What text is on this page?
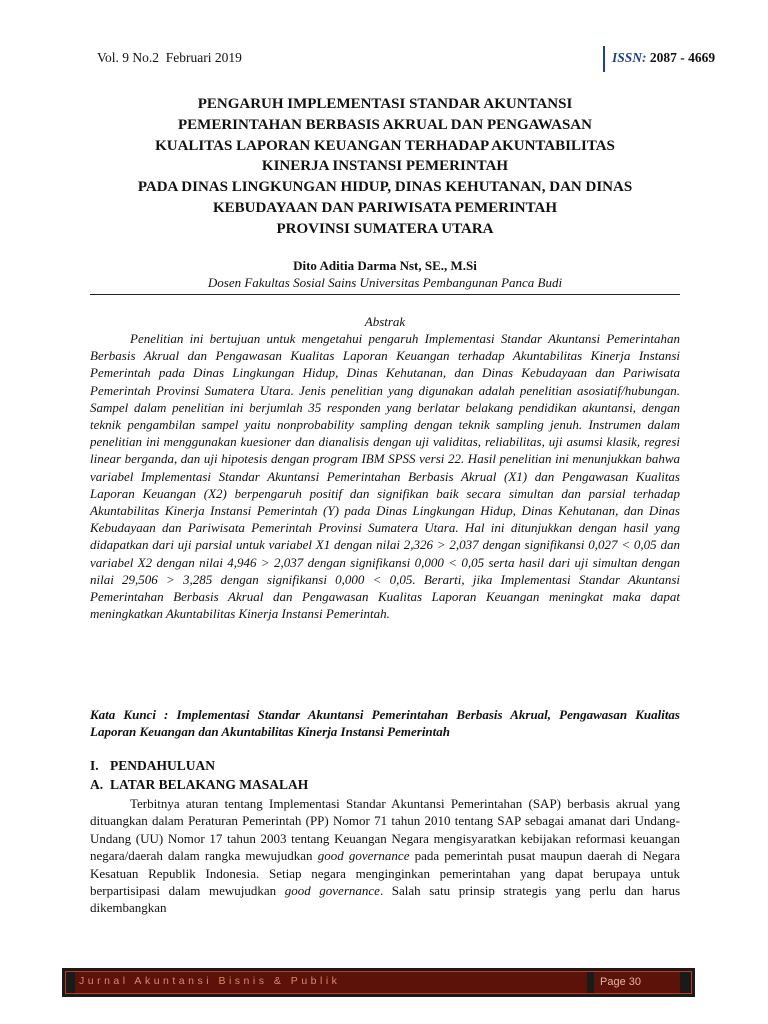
Vol. 9 No.2  Februari 2019	ISSN: 2087 - 4669
PENGARUH IMPLEMENTASI STANDAR AKUNTANSI
PEMERINTAHAN BERBASIS AKRUAL DAN PENGAWASAN
KUALITAS LAPORAN KEUANGAN TERHADAP AKUNTABILITAS
KINERJA INSTANSI PEMERINTAH
PADA DINAS LINGKUNGAN HIDUP, DINAS KEHUTANAN, DAN DINAS
KEBUDAYAAN DAN PARIWISATA PEMERINTAH
PROVINSI SUMATERA UTARA
Dito Aditia Darma Nst, SE., M.Si
Dosen Fakultas Sosial Sains Universitas Pembangunan Panca Budi
Abstrak

Penelitian ini bertujuan untuk mengetahui pengaruh Implementasi Standar Akuntansi Pemerintahan Berbasis Akrual dan Pengawasan Kualitas Laporan Keuangan terhadap Akuntabilitas Kinerja Instansi Pemerintah pada Dinas Lingkungan Hidup, Dinas Kehutanan, dan Dinas Kebudayaan dan Pariwisata Pemerintah Provinsi Sumatera Utara. Jenis penelitian yang digunakan adalah penelitian asosiatif/hubungan. Sampel dalam penelitian ini berjumlah 35 responden yang berlatar belakang pendidikan akuntansi, dengan teknik pengambilan sampel yaitu nonprobability sampling dengan teknik sampling jenuh. Instrumen dalam penelitian ini menggunakan kuesioner dan dianalisis dengan uji validitas, reliabilitas, uji asumsi klasik, regresi linear berganda, dan uji hipotesis dengan program IBM SPSS versi 22. Hasil penelitian ini menunjukkan bahwa variabel Implementasi Standar Akuntansi Pemerintahan Berbasis Akrual (X1) dan Pengawasan Kualitas Laporan Keuangan (X2) berpengaruh positif dan signifikan baik secara simultan dan parsial terhadap Akuntabilitas Kinerja Instansi Pemerintah (Y) pada Dinas Lingkungan Hidup, Dinas Kehutanan, dan Dinas Kebudayaan dan Pariwisata Pemerintah Provinsi Sumatera Utara. Hal ini ditunjukkan dengan hasil yang didapatkan dari uji parsial untuk variabel X1 dengan nilai 2,326 > 2,037 dengan signifikansi 0,027 < 0,05 dan variabel X2 dengan nilai 4,946 > 2,037 dengan signifikansi 0,000 < 0,05 serta hasil dari uji simultan dengan nilai 29,506 > 3,285 dengan signifikansi 0,000 < 0,05. Berarti, jika Implementasi Standar Akuntansi Pemerintahan Berbasis Akrual dan Pengawasan Kualitas Laporan Keuangan meningkat maka dapat meningkatkan Akuntabilitas Kinerja Instansi Pemerintah.

Kata Kunci : Implementasi Standar Akuntansi Pemerintahan Berbasis Akrual, Pengawasan Kualitas Laporan Keuangan dan Akuntabilitas Kinerja Instansi Pemerintah

I. PENDAHULUAN
A. LATAR BELAKANG MASALAH

Terbitnya aturan tentang Implementasi Standar Akuntansi Pemerintahan (SAP) berbasis akrual yang dituangkan dalam Peraturan Pemerintah (PP) Nomor 71 tahun 2010 tentang SAP sebagai amanat dari Undang-Undang (UU) Nomor 17 tahun 2003 tentang Keuangan Negara mengisyaratkan kebijakan reformasi keuangan negara/daerah dalam rangka mewujudkan good governance pada pemerintah pusat maupun daerah di Negara Kesatuan Republik Indonesia. Setiap negara menginginkan pemerintahan yang dapat berupaya untuk berpartisipasi dalam mewujudkan good governance. Salah satu prinsip strategis yang perlu dan harus dikembangkan

Jurnal Akuntansi Bisnis & Publik	Page 30
